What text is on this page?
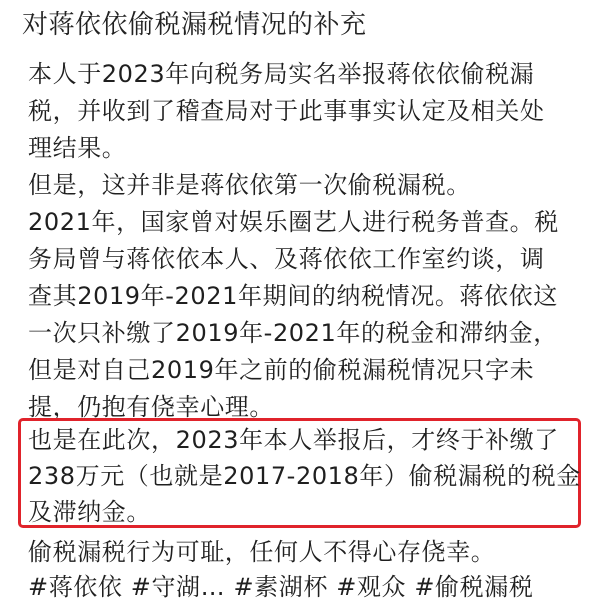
对蒋依依偷税漏税情况的补充
本人于2023年向税务局实名举报蒋依依偷税漏
税，并收到了稽查局对于此事事实认定及相关处
理结果。
但是，这并非是蒋依依第一次偷税漏税。
2021年，国家曾对娱乐圈艺人进行税务普查。税
务局曾与蒋依依本人、及蒋依依工作室约谈，调
查其2019年-2021年期间的纳税情况。蒋依依这
一次只补缴了2019年-2021年的税金和滞纳金，
但是对自己2019年之前的偷税漏税情况只字未
提，仍抱有侥幸心理。
也是在此次，2023年本人举报后，才终于补缴了
238万元（也就是2017-2018年）偷税漏税的税金
及滞纳金。
偷税漏税行为可耻，任何人不得心存侥幸。
#蒋依依 #守湖… #素湖杯 #观众 #偷税漏税
